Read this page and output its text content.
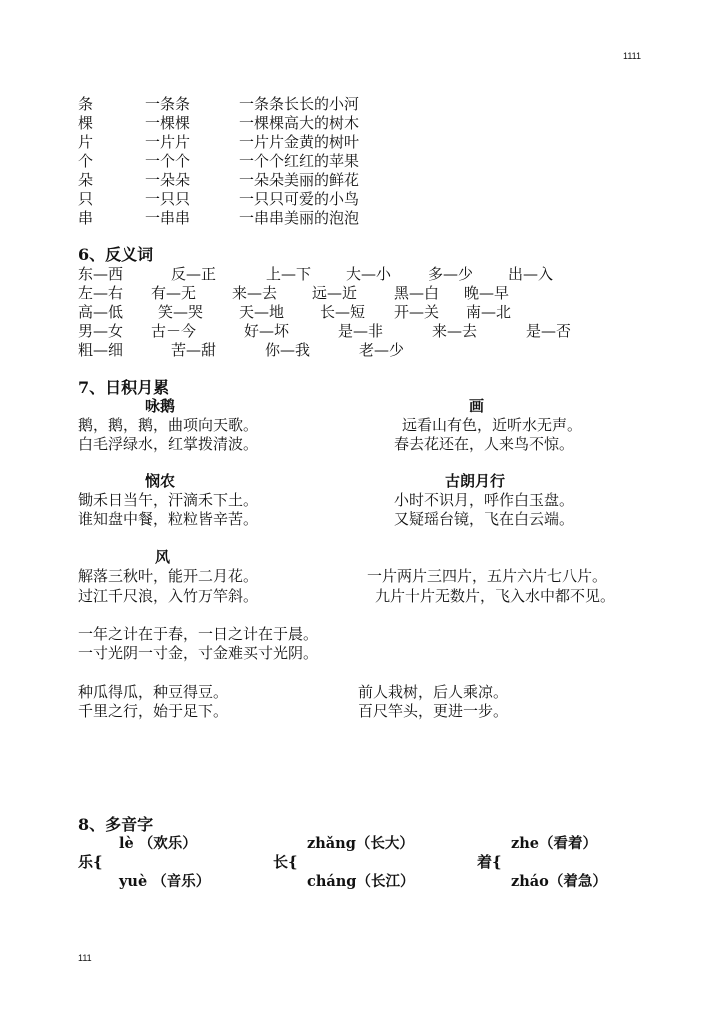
1111
条	一条条	一条条长长的小河
棵	一棵棵	一棵棵高大的树木
片	一片片	一片片金黄的树叶
个	一个个	一个个红红的苹果
朵	一朵朵	一朵朵美丽的鲜花
只	一只只	一只只可爱的小鸟
串	一串串	一串串美丽的泡泡
6、反义词
东—西	反—正	上—下 大—小 多—少 出—入
左—右 有—无 来—去 远—近 黑—白 晚—早
高—低 笑—哭 天—地 长—短 开—关 南—北
男—女 古－今	好—坏	是—非	来—去	是—否
粗—细	苦—甜	你—我	老—少
7、日积月累
咏鹅	画
鹅，鹅，鹅，曲项向天歌。	远看山有色，近听水无声。
白毛浮绿水，红掌拨清波。	春去花还在，人来鸟不惊。
悯农	古朗月行
锄禾日当午，汗滴禾下土。	小时不识月，呼作白玉盘。
谁知盘中餐，粒粒皆辛苦。	又疑瑶台镜，飞在白云端。
风
解落三秋叶，能开二月花。	一片两片三四片，五片六片七八片。
过江千尺浪，入竹万竿斜。	九片十片无数片，飞入水中都不见。
一年之计在于春，一日之计在于晨。
一寸光阴一寸金，寸金难买寸光阴。
种瓜得瓜，种豆得豆。	前人栽树，后人乘凉。
千里之行，始于足下。	百尺竿头，更进一步。
8、多音字
lè （欢乐）	zhǎng（长大）	zhe（看着）
乐{	长{	着{
yuè （音乐）	cháng（长江）	zháo（着急）
111
